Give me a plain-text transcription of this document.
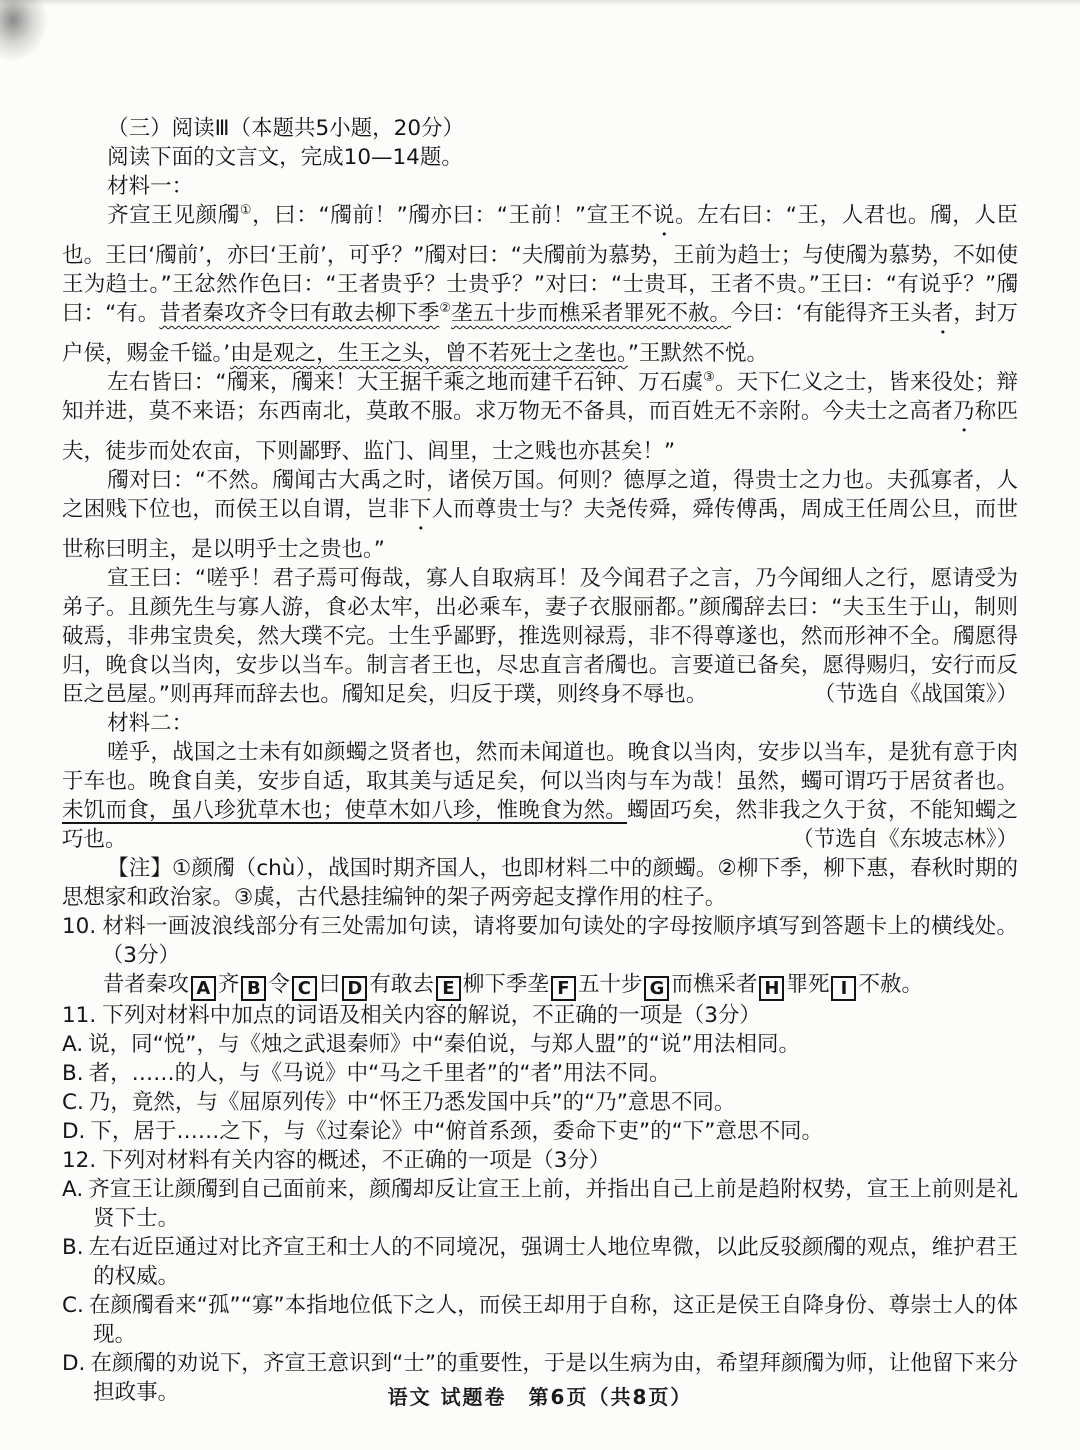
（三）阅读Ⅲ（本题共5小题，20分）

阅读下面的文言文，完成10—14题。

材料一：

齐宣王见颜斶①，曰：“斶前！”斶亦曰：“王前！”宣王不说。左右曰：“王，人君也。斶，人臣也。王曰‘斶前’，亦曰‘王前’，可乎？”斶对曰：“夫斶前为慕势，王前为趋士；与使斶为慕势，不如使王为趋士。”王忿然作色曰：“王者贵乎？士贵乎？”对曰：“士贵耳，王者不贵。”王曰：“有说乎？”斶曰：“有。昔者秦攻齐令曰有敢去柳下季②垄五十步而樵采者罪死不赦。今曰：‘有能得齐王头者，封万户侯，赐金千镒。’由是观之，生王之头，曾不若死士之垄也。”王默然不悦。

左右皆曰：“斶来，斶来！大王据千乘之地而建千石钟、万石虡③。天下仁义之士，皆来役处；辩知并进，莫不来语；东西南北，莫敢不服。求万物无不备具，而百姓无不亲附。今夫士之高者乃称匹夫，徒步而处农亩，下则鄙野、监门、闾里，士之贱也亦甚矣！”

斶对曰：“不然。斶闻古大禹之时，诸侯万国。何则？德厚之道，得贵士之力也。夫孤寡者，人之困贱下位也，而侯王以自谓，岂非下人而尊贵士与？夫尧传舜，舜传傅禹，周成王任周公旦，而世世称曰明主，是以明乎士之贵也。”

宣王曰：“嗟乎！君子焉可侮哉，寡人自取病耳！及今闻君子之言，乃今闻细人之行，愿请受为弟子。且颜先生与寡人游，食必太牢，出必乘车，妻子衣服丽都。”颜斶辞去曰：“夫玉生于山，制则破焉，非弗宝贵矣，然大璞不完。士生乎鄙野，推选则禄焉，非不得尊遂也，然而形神不全。斶愿得归，晚食以当肉，安步以当车。制言者王也，尽忠直言者斶也。言要道已备矣，愿得赐归，安行而反臣之邑屋。”则再拜而辞去也。斶知足矣，归反于璞，则终身不辱也。	（节选自《战国策》）

材料二：

嗟乎，战国之士未有如颜蠋之贤者也，然而未闻道也。晚食以当肉，安步以当车，是犹有意于肉于车也。晚食自美，安步自适，取其美与适足矣，何以当肉与车为哉！虽然，蠋可谓巧于居贫者也。未饥而食，虽八珍犹草木也；使草木如八珍，惟晚食为然。蠋固巧矣，然非我之久于贫，不能知蠋之巧也。	（节选自《东坡志林》）

【注】①颜斶（chù），战国时期齐国人，也即材料二中的颜蠋。②柳下季，柳下惠，春秋时期的思想家和政治家。③虡，古代悬挂编钟的架子两旁起支撑作用的柱子。

10. 材料一画波浪线部分有三处需加句读，请将要加句读处的字母按顺序填写到答题卡上的横线处。（3分）

昔者秦攻 A 齐 B 令 C 曰 D 有敢去 E 柳下季垄 F 五十步 G 而樵采者 H 罪死 I 不赦。

11. 下列对材料中加点的词语及相关内容的解说，不正确的一项是（3分）

A. 说，同“悦”，与《烛之武退秦师》中“秦伯说，与郑人盟”的“说”用法相同。

B. 者，……的人，与《马说》中“马之千里者”的“者”用法不同。

C. 乃，竟然，与《屈原列传》中“怀王乃悉发国中兵”的“乃”意思不同。

D. 下，居于……之下，与《过秦论》中“俯首系颈，委命下吏”的“下”意思不同。

12. 下列对材料有关内容的概述，不正确的一项是（3分）

A. 齐宣王让颜斶到自己面前来，颜斶却反让宣王上前，并指出自己上前是趋附权势，宣王上前则是礼贤下士。

B. 左右近臣通过对比齐宣王和士人的不同境况，强调士人地位卑微，以此反驳颜斶的观点，维护君王的权威。

C. 在颜斶看来“孤”“寡”本指地位低下之人，而侯王却用于自称，这正是侯王自降身份、尊崇士人的体现。

D. 在颜斶的劝说下，齐宣王意识到“士”的重要性，于是以生病为由，希望拜颜斶为师，让他留下来分担政事。	语文 试题卷　第6页（共8页）
